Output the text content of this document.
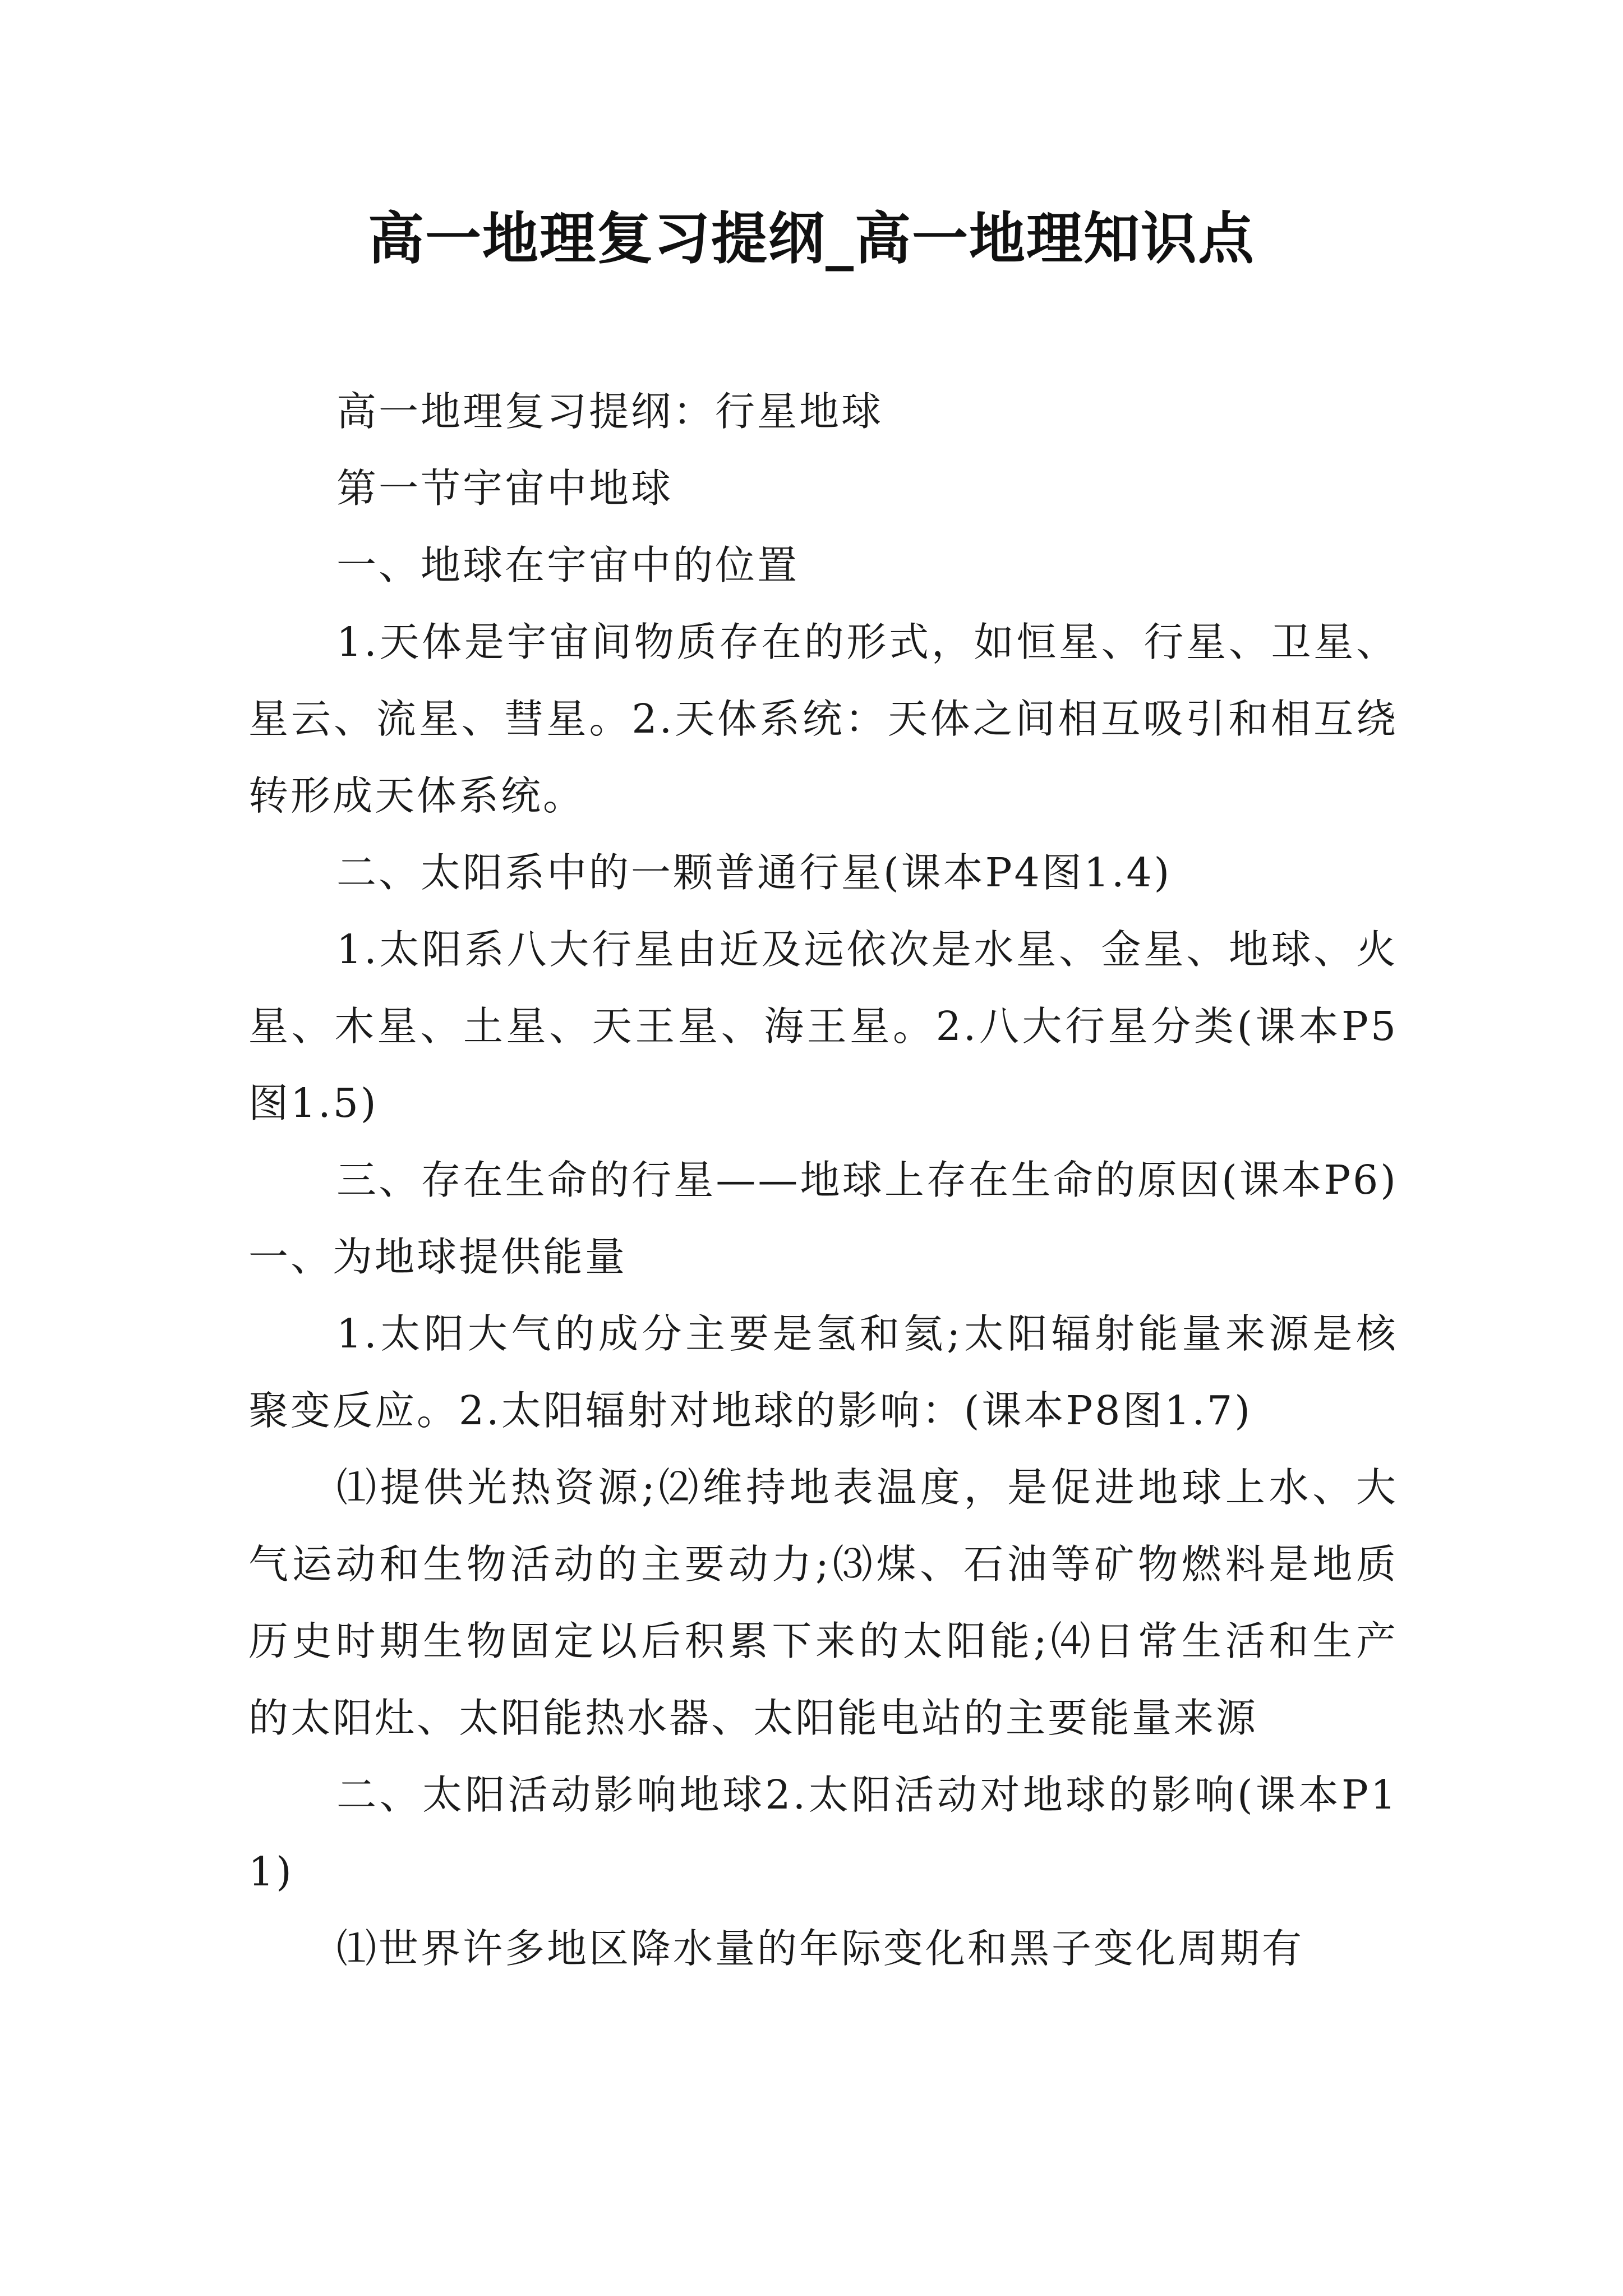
高一地理复习提纲_高一地理知识点

高一地理复习提纲：行星地球

第一节宇宙中地球

一、地球在宇宙中的位置

1.天体是宇宙间物质存在的形式，如恒星、行星、卫星、星云、流星、彗星。2.天体系统：天体之间相互吸引和相互绕转形成天体系统。

二、太阳系中的一颗普通行星(课本P4图1.4)

1.太阳系八大行星由近及远依次是水星、金星、地球、火星、木星、土星、天王星、海王星。2.八大行星分类(课本P5图1.5)

三、存在生命的行星——地球上存在生命的原因(课本P6)一、为地球提供能量

1.太阳大气的成分主要是氢和氦;太阳辐射能量来源是核聚变反应。2.太阳辐射对地球的影响：(课本P8图1.7)

⑴提供光热资源;⑵维持地表温度，是促进地球上水、大气运动和生物活动的主要动力;⑶煤、石油等矿物燃料是地质历史时期生物固定以后积累下来的太阳能;⑷日常生活和生产的太阳灶、太阳能热水器、太阳能电站的主要能量来源

二、太阳活动影响地球2.太阳活动对地球的影响(课本P11)

⑴世界许多地区降水量的年际变化和黑子变化周期有
